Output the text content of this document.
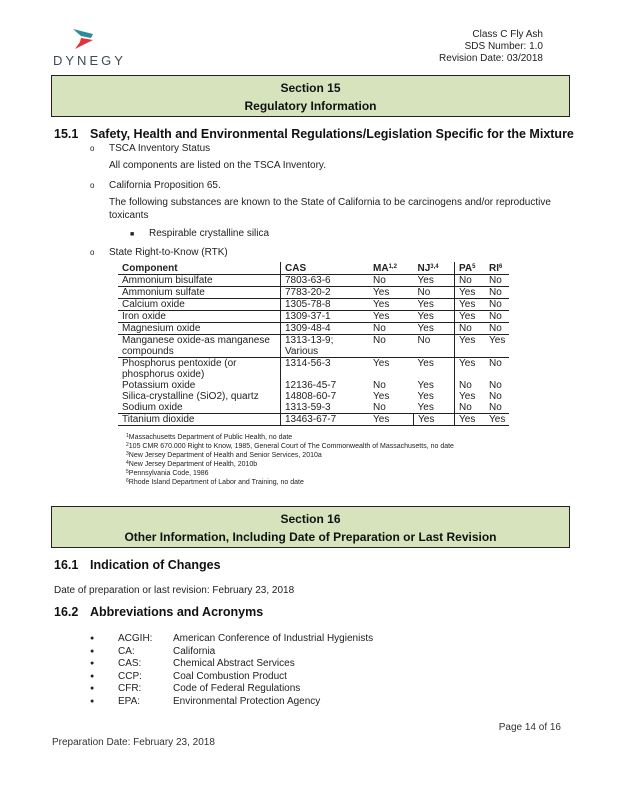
DYNEGY
Class C Fly Ash
SDS Number: 1.0
Revision Date: 03/2018
Section 15
Regulatory Information
15.1 Safety, Health and Environmental Regulations/Legislation Specific for the Mixture
o TSCA Inventory Status
All components are listed on the TSCA Inventory.
o California Proposition 65.
The following substances are known to the State of California to be carcinogens and/or reproductive toxicants
■ Respirable crystalline silica
o State Right-to-Know (RTK)
Component	CAS	MA$^{1,2}$	NJ$^{3,4}$	$PA^5$	$RI^6$
Ammonium bisulfate	7803-63-6	No	Yes	No	No
Ammonium sulfate	7783-20-2	Yes	No	Yes	No
Calcium oxide	1305-78-8	Yes	Yes	Yes	No
Iron oxide	1309-37-1	Yes	Yes	Yes	No
Magnesium oxide	1309-48-4	No	Yes	No	No
Manganese oxide-as manganese compounds	1313-13-9; Various	No	No	Yes	Yes
Phosphorus pentoxide (or phosphorus oxide)	1314-56-3	Yes	Yes	Yes	No
Potassium oxide	12136-45-7	No	Yes	No	No
Silica-crystalline (SiO2), quartz	14808-60-7	Yes	Yes	Yes	No
Sodium oxide	1313-59-3	No	Yes	No	No
Titanium dioxide	13463-67-7	Yes	Yes	Yes	Yes
$^1$Massachusetts Department of Public Health, no date
$^2$105 CMR 670.000 Right to Know, 1985, General Court of The Commonwealth of Massachusetts, no date
$^3$New Jersey Department of Health and Senior Services, 2010a
$^4$New Jersey Department of Health, 2010b
$^5$Pennsylvania Code, 1986
$^6$Rhode Island Department of Labor and Training, no date
Section 16
Other Information, Including Date of Preparation or Last Revision
16.1 Indication of Changes
Date of preparation or last revision: February 23, 2018
16.2 Abbreviations and Acronyms
●	ACGIH:	American Conference of Industrial Hygienists
●	CA:	California
●	CAS:	Chemical Abstract Services
●	CCP:	Coal Combustion Product
●	CFR:	Code of Federal Regulations
●	EPA:	Environmental Protection Agency
Page 14 of 16
Preparation Date: February 23, 2018
